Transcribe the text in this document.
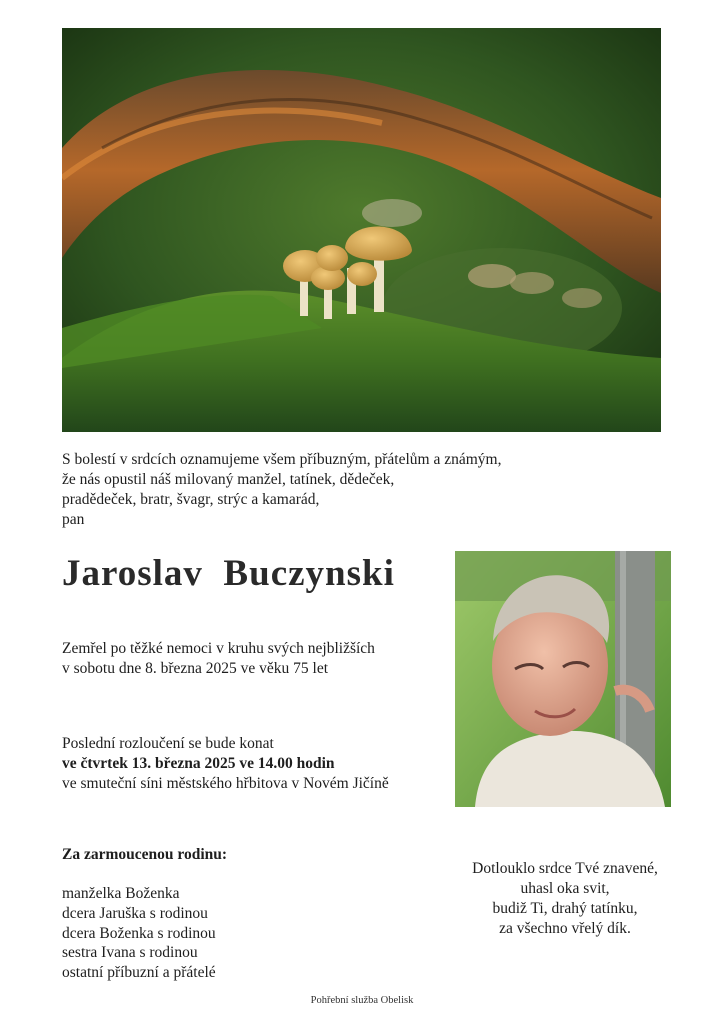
S bolestí v srdcích oznamujeme všem příbuzným, přátelům a známým,
že nás opustil náš milovaný manžel, tatínek, dědeček,
pradědeček, bratr, švagr, strýc a kamarád,
pan
Jaroslav  Buczynski
Zemřel po těžké nemoci v kruhu svých nejbližších
v sobotu dne 8. března 2025 ve věku 75 let
Poslední rozloučení se bude konat
ve čtvrtek 13. března 2025 ve 14.00 hodin
ve smuteční síni městského hřbitova v Novém Jičíně
Za zarmoucenou rodinu:
manželka Boženka
dcera Jaruška s rodinou
dcera Boženka s rodinou
sestra Ivana s rodinou
ostatní příbuzní a přátelé
Dotlouklo srdce Tvé znavené,
uhasl oka svit,
budiž Ti, drahý tatínku,
za všechno vřelý dík.
Pohřební služba Obelisk
